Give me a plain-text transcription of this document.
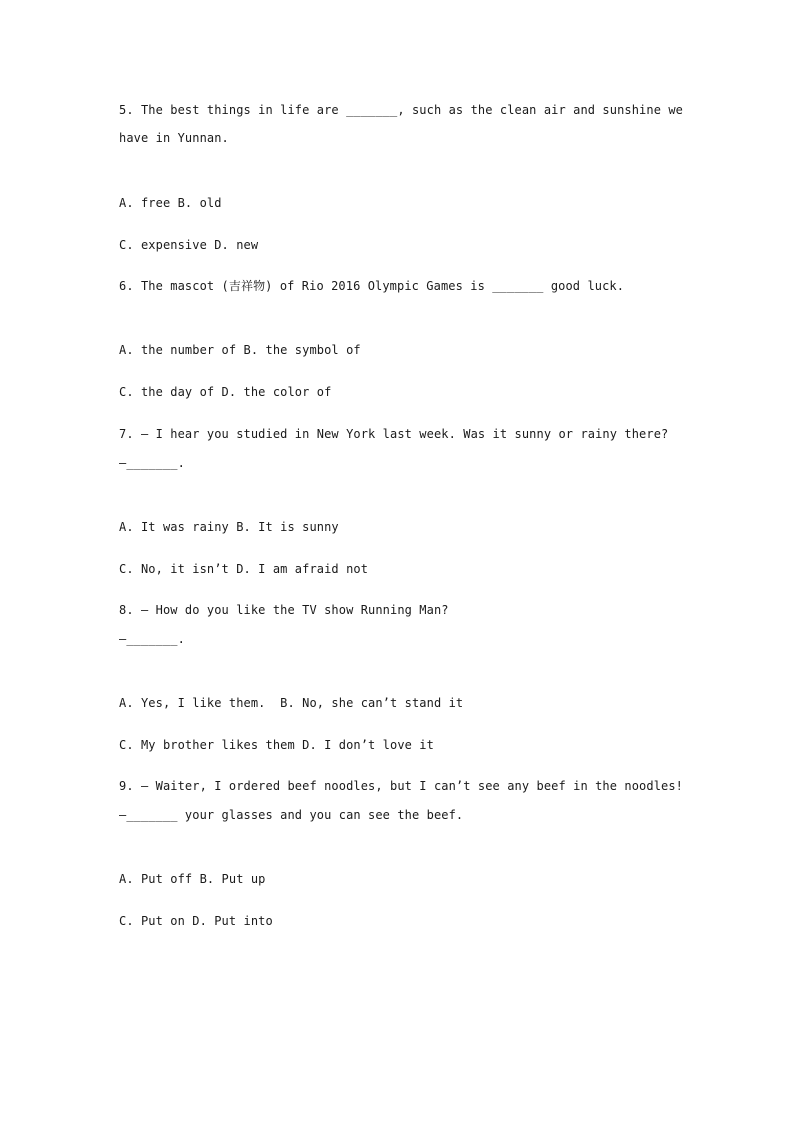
5. The best things in life are _______, such as the clean air and sunshine we
have in Yunnan.
A. free B. old
C. expensive D. new
6. The mascot (吉祥物) of Rio 2016 Olympic Games is _______ good luck.
A. the number of B. the symbol of
C. the day of D. the color of
7. — I hear you studied in New York last week. Was it sunny or rainy there?
—_______.
A. It was rainy B. It is sunny
C. No, it isn’t D. I am afraid not
8. — How do you like the TV show Running Man?
—_______.
A. Yes, I like them.  B. No, she can’t stand it
C. My brother likes them D. I don’t love it
9. — Waiter, I ordered beef noodles, but I can’t see any beef in the noodles!
—_______ your glasses and you can see the beef.
A. Put off B. Put up
C. Put on D. Put into
